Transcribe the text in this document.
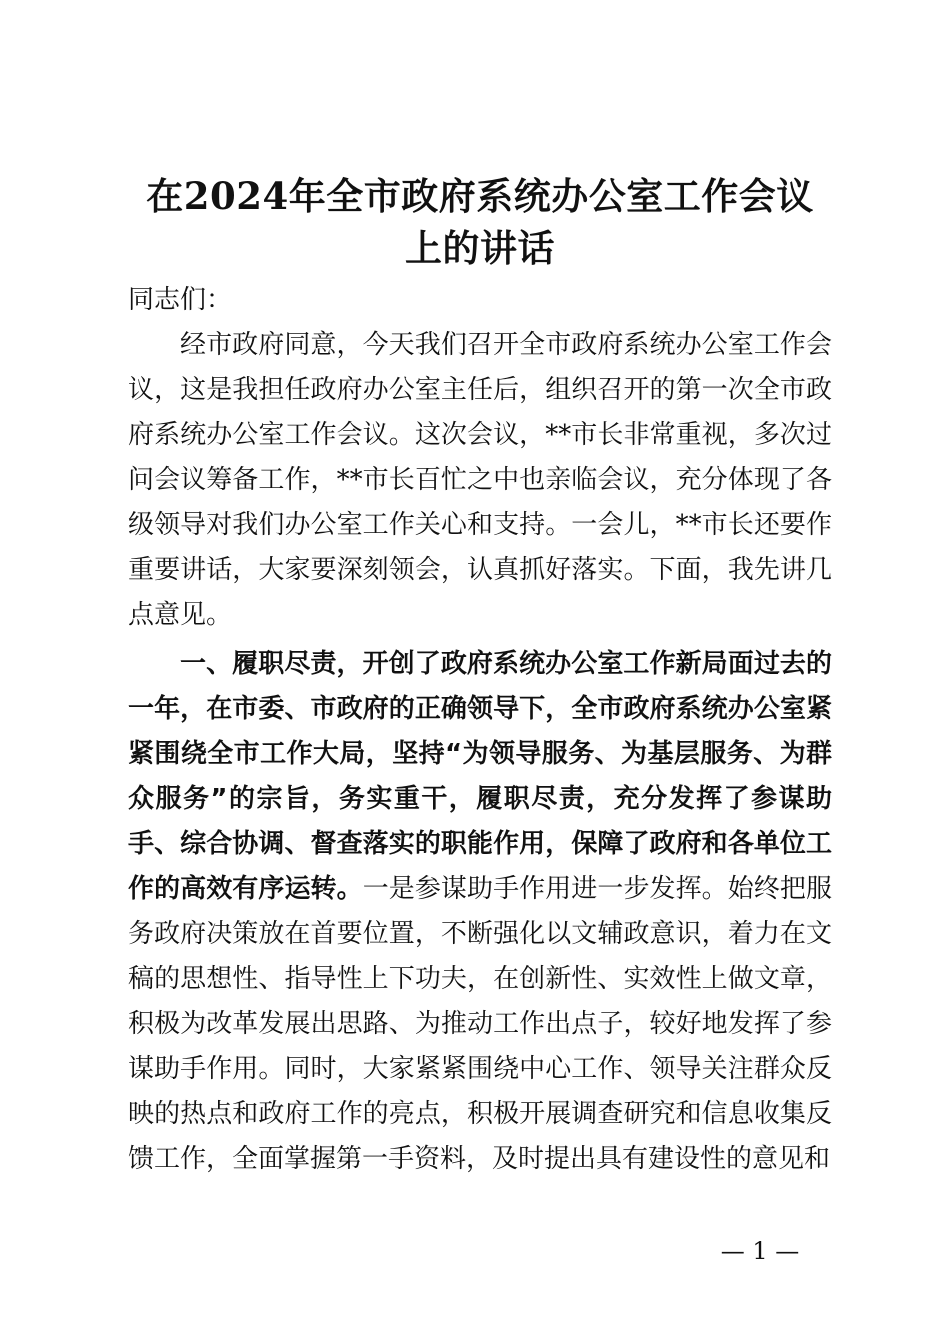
在2024年全市政府系统办公室工作会议上的讲话

同志们：

经市政府同意，今天我们召开全市政府系统办公室工作会议，这是我担任政府办公室主任后，组织召开的第一次全市政府系统办公室工作会议。这次会议，**市长非常重视，多次过问会议筹备工作，**市长百忙之中也亲临会议，充分体现了各级领导对我们办公室工作关心和支持。一会儿，**市长还要作重要讲话，大家要深刻领会，认真抓好落实。下面，我先讲几点意见。

一、履职尽责，开创了政府系统办公室工作新局面过去的一年，在市委、市政府的正确领导下，全市政府系统办公室紧紧围绕全市工作大局，坚持“为领导服务、为基层服务、为群众服务”的宗旨，务实重干，履职尽责，充分发挥了参谋助手、综合协调、督查落实的职能作用，保障了政府和各单位工作的高效有序运转。一是参谋助手作用进一步发挥。始终把服务政府决策放在首要位置，不断强化以文辅政意识，着力在文稿的思想性、指导性上下功夫，在创新性、实效性上做文章，积极为改革发展出思路、为推动工作出点子，较好地发挥了参谋助手作用。同时，大家紧紧围绕中心工作、领导关注群众反映的热点和政府工作的亮点，积极开展调查研究和信息收集反馈工作，全面掌握第一手资料，及时提出具有建设性的意见和

— 1 —
